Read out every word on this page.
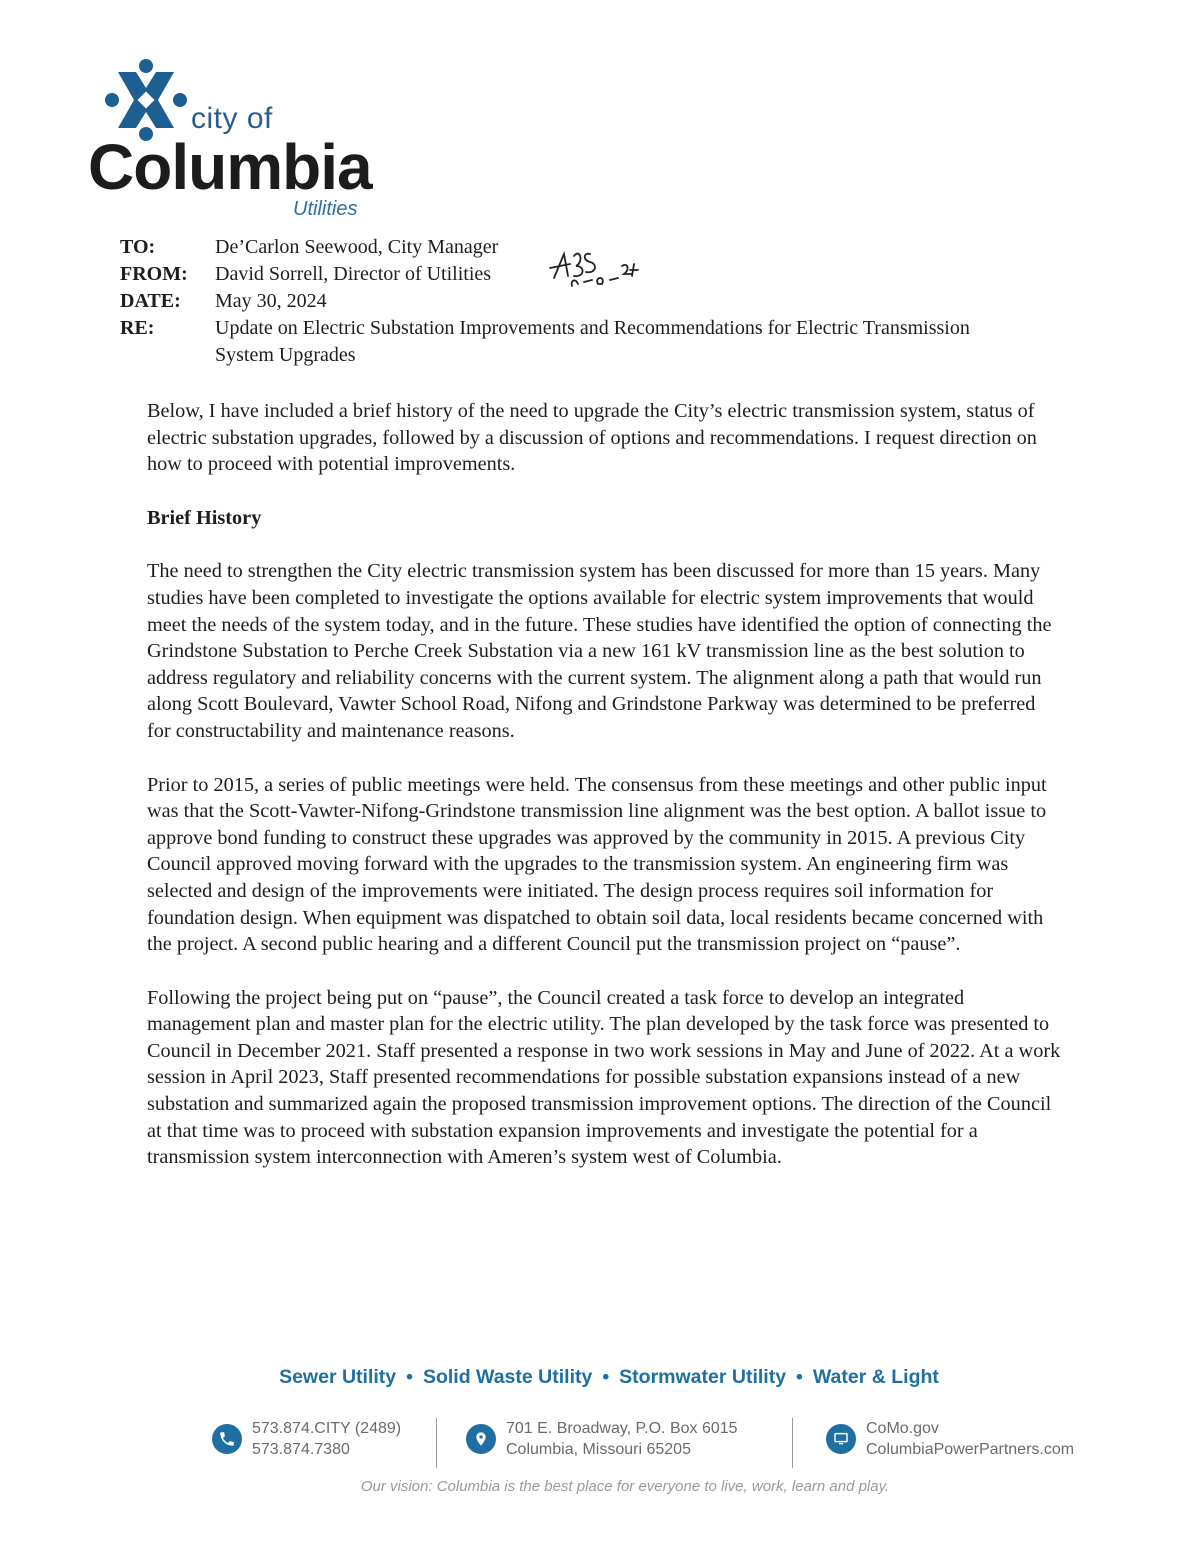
city of
Columbia
Utilities
TO:	De’Carlon Seewood, City Manager
FROM:	David Sorrell, Director of Utilities
DATE:	May 30, 2024
RE:	Update on Electric Substation Improvements and Recommendations for Electric Transmission System Upgrades

Below, I have included a brief history of the need to upgrade the City’s electric transmission system, status of electric substation upgrades, followed by a discussion of options and recommendations. I request direction on how to proceed with potential improvements.

Brief History

The need to strengthen the City electric transmission system has been discussed for more than 15 years. Many studies have been completed to investigate the options available for electric system improvements that would meet the needs of the system today, and in the future. These studies have identified the option of connecting the Grindstone Substation to Perche Creek Substation via a new 161 kV transmission line as the best solution to address regulatory and reliability concerns with the current system. The alignment along a path that would run along Scott Boulevard, Vawter School Road, Nifong and Grindstone Parkway was determined to be preferred for constructability and maintenance reasons.

Prior to 2015, a series of public meetings were held. The consensus from these meetings and other public input was that the Scott-Vawter-Nifong-Grindstone transmission line alignment was the best option. A ballot issue to approve bond funding to construct these upgrades was approved by the community in 2015. A previous City Council approved moving forward with the upgrades to the transmission system. An engineering firm was selected and design of the improvements were initiated. The design process requires soil information for foundation design. When equipment was dispatched to obtain soil data, local residents became concerned with the project. A second public hearing and a different Council put the transmission project on “pause”.

Following the project being put on “pause”, the Council created a task force to develop an integrated management plan and master plan for the electric utility. The plan developed by the task force was presented to Council in December 2021. Staff presented a response in two work sessions in May and June of 2022. At a work session in April 2023, Staff presented recommendations for possible substation expansions instead of a new substation and summarized again the proposed transmission improvement options. The direction of the Council at that time was to proceed with substation expansion improvements and investigate the potential for a transmission system interconnection with Ameren’s system west of Columbia.

Sewer Utility • Solid Waste Utility • Stormwater Utility • Water & Light
573.874.CITY (2489)
573.874.7380
701 E. Broadway, P.O. Box 6015
Columbia, Missouri 65205
CoMo.gov
ColumbiaPowerPartners.com
Our vision: Columbia is the best place for everyone to live, work, learn and play.
